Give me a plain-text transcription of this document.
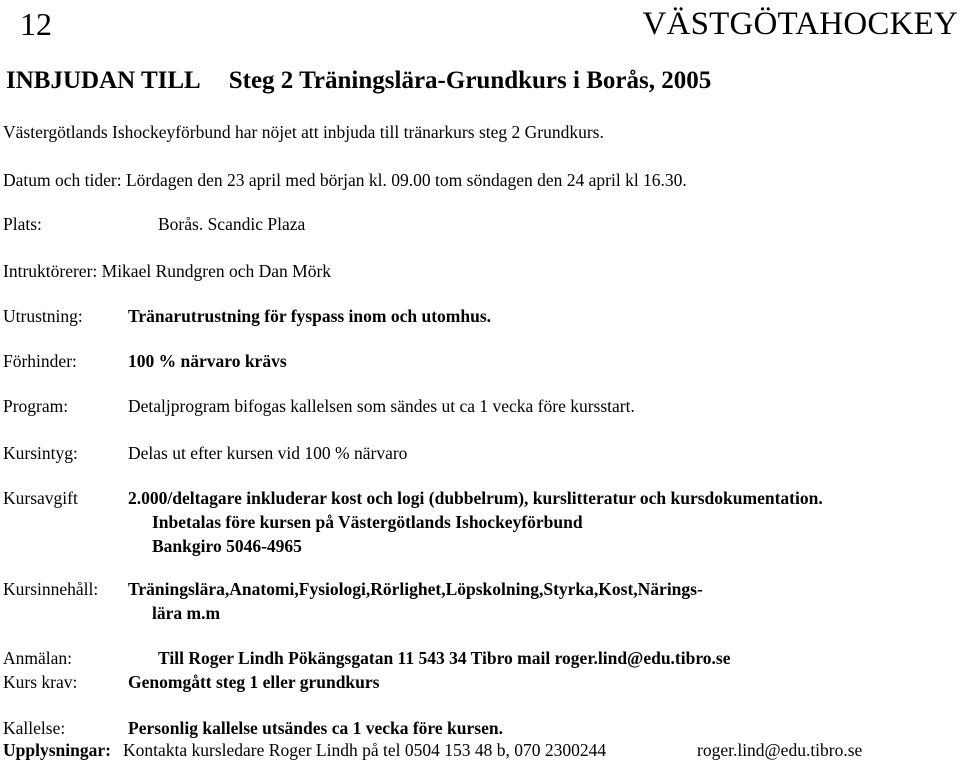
12	VÄSTGÖTAHOCKEY
INBJUDAN TILL Steg 2 Träningslära-Grundkurs i Borås, 2005
Västergötlands Ishockeyförbund har nöjet att inbjuda till tränarkurs steg 2 Grundkurs.
Datum och tider: Lördagen den 23 april med början kl. 09.00 tom söndagen den 24 april kl 16.30.
Plats:	Borås. Scandic Plaza
Intruktörerer: Mikael Rundgren och Dan Mörk
Utrustning:	Tränarutrustning för fyspass inom och utomhus.
Förhinder:	100 % närvaro krävs
Program:	Detaljprogram bifogas kallelsen som sändes ut ca 1 vecka före kursstart.
Kursintyg:	Delas ut efter kursen vid 100 % närvaro
Kursavgift	2.000/deltagare inkluderar kost och logi (dubbelrum), kurslitteratur och kursdokumentation.
Inbetalas före kursen på Västergötlands Ishockeyförbund
Bankgiro 5046-4965
Kursinnehåll: Träningslära,Anatomi,Fysiologi,Rörlighet,Löpskolning,Styrka,Kost,Närings-
lära m.m
Anmälan:	Till Roger Lindh Pökängsgatan 11 543 34 Tibro mail roger.lind@edu.tibro.se
Kurs krav:	Genomgått steg 1 eller grundkurs
Kallelse:	Personlig kallelse utsändes ca 1 vecka före kursen.
Upplysningar: Kontakta kursledare Roger Lindh på tel 0504 153 48 b, 070 2300244	roger.lind@edu.tibro.se
